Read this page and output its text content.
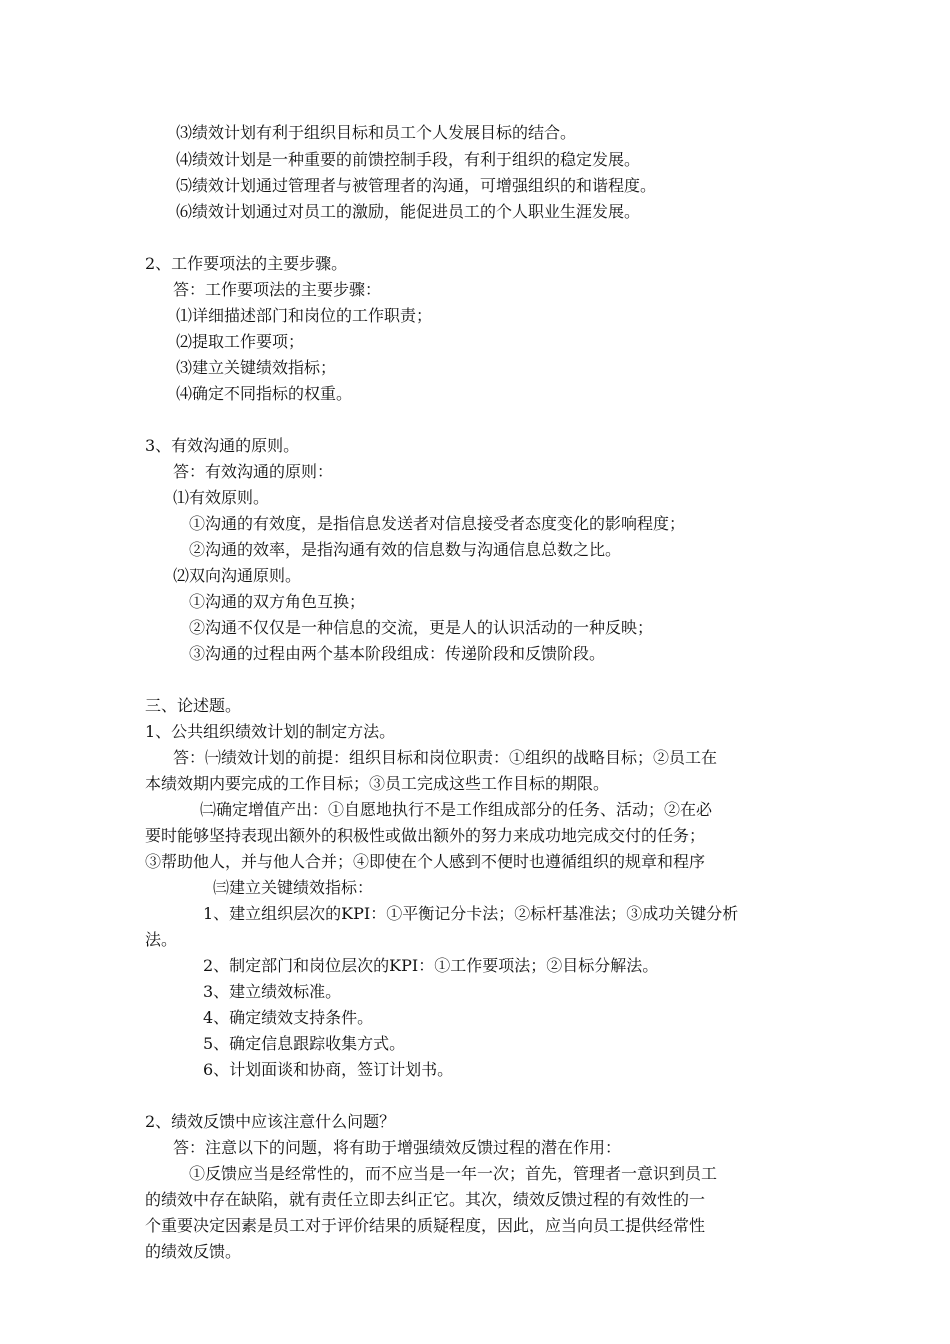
⑶绩效计划有利于组织目标和员工个人发展目标的结合。
⑷绩效计划是一种重要的前馈控制手段，有利于组织的稳定发展。
⑸绩效计划通过管理者与被管理者的沟通，可增强组织的和谐程度。
⑹绩效计划通过对员工的激励，能促进员工的个人职业生涯发展。
2、工作要项法的主要步骤。
答：工作要项法的主要步骤：
⑴详细描述部门和岗位的工作职责；
⑵提取工作要项；
⑶建立关键绩效指标；
⑷确定不同指标的权重。
3、有效沟通的原则。
答：有效沟通的原则：
⑴有效原则。
①沟通的有效度，是指信息发送者对信息接受者态度变化的影响程度；
②沟通的效率，是指沟通有效的信息数与沟通信息总数之比。
⑵双向沟通原则。
①沟通的双方角色互换；
②沟通不仅仅是一种信息的交流，更是人的认识活动的一种反映；
③沟通的过程由两个基本阶段组成：传递阶段和反馈阶段。
三、论述题。
1、公共组织绩效计划的制定方法。
答：㈠绩效计划的前提：组织目标和岗位职责：①组织的战略目标；②员工在
本绩效期内要完成的工作目标；③员工完成这些工作目标的期限。
㈡确定增值产出：①自愿地执行不是工作组成部分的任务、活动；②在必
要时能够坚持表现出额外的积极性或做出额外的努力来成功地完成交付的任务；
③帮助他人，并与他人合并；④即使在个人感到不便时也遵循组织的规章和程序
㈢建立关键绩效指标：
1、建立组织层次的KPI：①平衡记分卡法；②标杆基准法；③成功关键分析
法。
2、制定部门和岗位层次的KPI：①工作要项法；②目标分解法。
3、建立绩效标准。
4、确定绩效支持条件。
5、确定信息跟踪收集方式。
6、计划面谈和协商，签订计划书。
2、绩效反馈中应该注意什么问题？
答：注意以下的问题，将有助于增强绩效反馈过程的潜在作用：
①反馈应当是经常性的，而不应当是一年一次；首先，管理者一意识到员工
的绩效中存在缺陷，就有责任立即去纠正它。其次，绩效反馈过程的有效性的一
个重要决定因素是员工对于评价结果的质疑程度，因此，应当向员工提供经常性
的绩效反馈。
